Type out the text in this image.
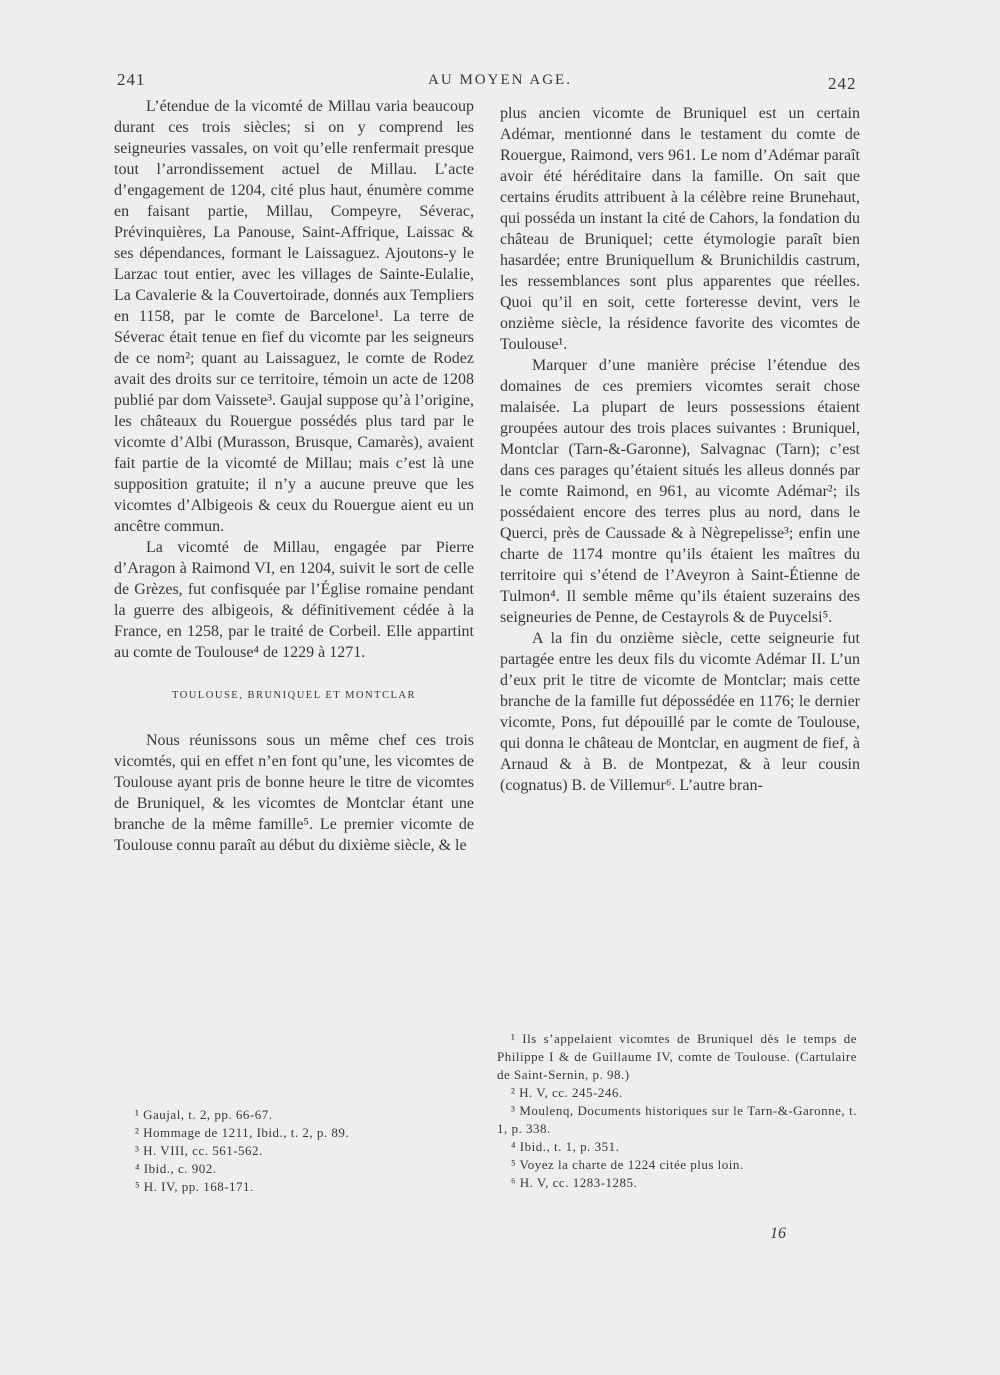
241	AU MOYEN AGE.	242

L’étendue de la vicomté de Millau varia beaucoup durant ces trois siècles; si on y comprend les seigneuries vassales, on voit qu’elle renfermait presque tout l’arrondissement actuel de Millau. L’acte d’engagement de 1204, cité plus haut, énumère comme en faisant partie, Millau, Compeyre, Séverac, Prévinquières, La Panouse, Saint-Affrique, Laissac & ses dépendances, formant le Laissaguez. Ajoutons-y le Larzac tout entier, avec les villages de Sainte-Eulalie, La Cavalerie & la Couvertoirade, donnés aux Templiers en 1158, par le comte de Barcelone¹. La terre de Séverac était tenue en fief du vicomte par les seigneurs de ce nom²; quant au Laissaguez, le comte de Rodez avait des droits sur ce territoire, témoin un acte de 1208 publié par dom Vaissete³. Gaujal suppose qu’à l’origine, les châteaux du Rouergue possédés plus tard par le vicomte d’Albi (Murasson, Brusque, Camarès), avaient fait partie de la vicomté de Millau; mais c’est là une supposition gratuite; il n’y a aucune preuve que les vicomtes d’Albigeois & ceux du Rouergue aient eu un ancêtre commun.

La vicomté de Millau, engagée par Pierre d’Aragon à Raimond VI, en 1204, suivit le sort de celle de Grèzes, fut confisquée par l’Église romaine pendant la guerre des albigeois, & définitivement cédée à la France, en 1258, par le traité de Corbeil. Elle appartint au comte de Toulouse⁴ de 1229 à 1271.

TOULOUSE, BRUNIQUEL ET MONTCLAR

Nous réunissons sous un même chef ces trois vicomtés, qui en effet n’en font qu’une, les vicomtes de Toulouse ayant pris de bonne heure le titre de vicomtes de Bruniquel, & les vicomtes de Montclar étant une branche de la même famille⁵. Le premier vicomte de Toulouse connu paraît au début du dixième siècle, & le

¹ Gaujal, t. 2, pp. 66-67.

² Hommage de 1211, Ibid., t. 2, p. 89.

³ H. VIII, cc. 561-562.

⁴ Ibid., c. 902.

⁵ H. IV, pp. 168-171.

plus ancien vicomte de Bruniquel est un certain Adémar, mentionné dans le testament du comte de Rouergue, Raimond, vers 961. Le nom d’Adémar paraît avoir été héréditaire dans la famille. On sait que certains érudits attribuent à la célèbre reine Brunehaut, qui posséda un instant la cité de Cahors, la fondation du château de Bruniquel; cette étymologie paraît bien hasardée; entre Bruniquellum & Brunichildis castrum, les ressemblances sont plus apparentes que réelles. Quoi qu’il en soit, cette forteresse devint, vers le onzième siècle, la résidence favorite des vicomtes de Toulouse¹.

Marquer d’une manière précise l’étendue des domaines de ces premiers vicomtes serait chose malaisée. La plupart de leurs possessions étaient groupées autour des trois places suivantes : Bruniquel, Montclar (Tarn-&-Garonne), Salvagnac (Tarn); c’est dans ces parages qu’étaient situés les alleus donnés par le comte Raimond, en 961, au vicomte Adémar²; ils possédaient encore des terres plus au nord, dans le Querci, près de Caussade & à Nègrepelisse³; enfin une charte de 1174 montre qu’ils étaient les maîtres du territoire qui s’étend de l’Aveyron à Saint-Étienne de Tulmon⁴. Il semble même qu’ils étaient suzerains des seigneuries de Penne, de Cestayrols & de Puycelsi⁵.

A la fin du onzième siècle, cette seigneurie fut partagée entre les deux fils du vicomte Adémar II. L’un d’eux prit le titre de vicomte de Montclar; mais cette branche de la famille fut dépossédée en 1176; le dernier vicomte, Pons, fut dépouillé par le comte de Toulouse, qui donna le château de Montclar, en augment de fief, à Arnaud & à B. de Montpezat, & à leur cousin (cognatus) B. de Villemur⁶. L’autre bran-

¹ Ils s’appelaient vicomtes de Bruniquel dès le temps de Philippe I & de Guillaume IV, comte de Toulouse. (Cartulaire de Saint-Sernin, p. 98.)

² H. V, cc. 245-246.

³ Moulenq, Documents historiques sur le Tarn-&-Garonne, t. 1, p. 338.

⁴ Ibid., t. 1, p. 351.

⁵ Voyez la charte de 1224 citée plus loin.

⁶ H. V, cc. 1283-1285.

16
